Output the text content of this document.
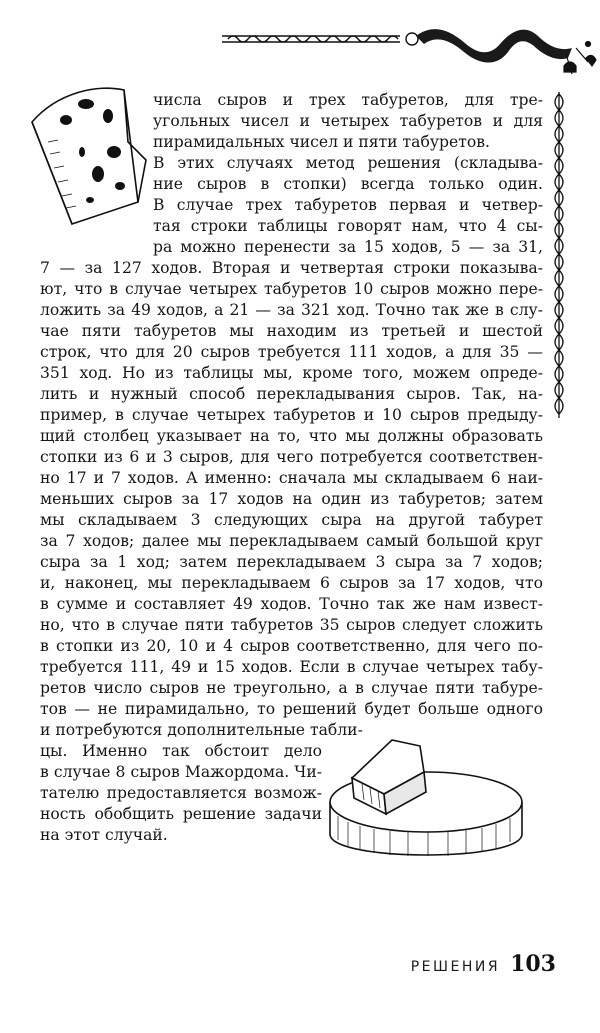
числа сыров и трех табуретов, для тре-
угольных чисел и четырех табуретов и для
пирамидальных чисел и пяти табуретов.
В этих случаях метод решения (складыва-
ние сыров в стопки) всегда только один.
В случае трех табуретов первая и четвер-
тая строки таблицы говорят нам, что 4 сы-
ра можно перенести за 15 ходов, 5 — за 31,
7 — за 127 ходов. Вторая и четвертая строки показыва-
ют, что в случае четырех табуретов 10 сыров можно пере-
ложить за 49 ходов, а 21 — за 321 ход. Точно так же в слу-
чае пяти табуретов мы находим из третьей и шестой
строк, что для 20 сыров требуется 111 ходов, а для 35 —
351 ход. Но из таблицы мы, кроме того, можем опреде-
лить и нужный способ перекладывания сыров. Так, на-
пример, в случае четырех табуретов и 10 сыров предыду-
щий столбец указывает на то, что мы должны образовать
стопки из 6 и 3 сыров, для чего потребуется соответствен-
но 17 и 7 ходов. А именно: сначала мы складываем 6 наи-
меньших сыров за 17 ходов на один из табуретов; затем
мы складываем 3 следующих сыра на другой табурет
за 7 ходов; далее мы перекладываем самый большой круг
сыра за 1 ход; затем перекладываем 3 сыра за 7 ходов;
и, наконец, мы перекладываем 6 сыров за 17 ходов, что
в сумме и составляет 49 ходов. Точно так же нам извест-
но, что в случае пяти табуретов 35 сыров следует сложить
в стопки из 20, 10 и 4 сыров соответственно, для чего по-
требуется 111, 49 и 15 ходов. Если в случае четырех табу-
ретов число сыров не треугольно, а в случае пяти табуре-
тов — не пирамидально, то решений будет больше одного
и потребуются дополнительные табли-
цы. Именно так обстоит дело
в случае 8 сыров Мажордома. Чи-
тателю предоставляется возмож-
ность обобщить решение задачи
на этот случай.
РЕШЕНИЯ 103
